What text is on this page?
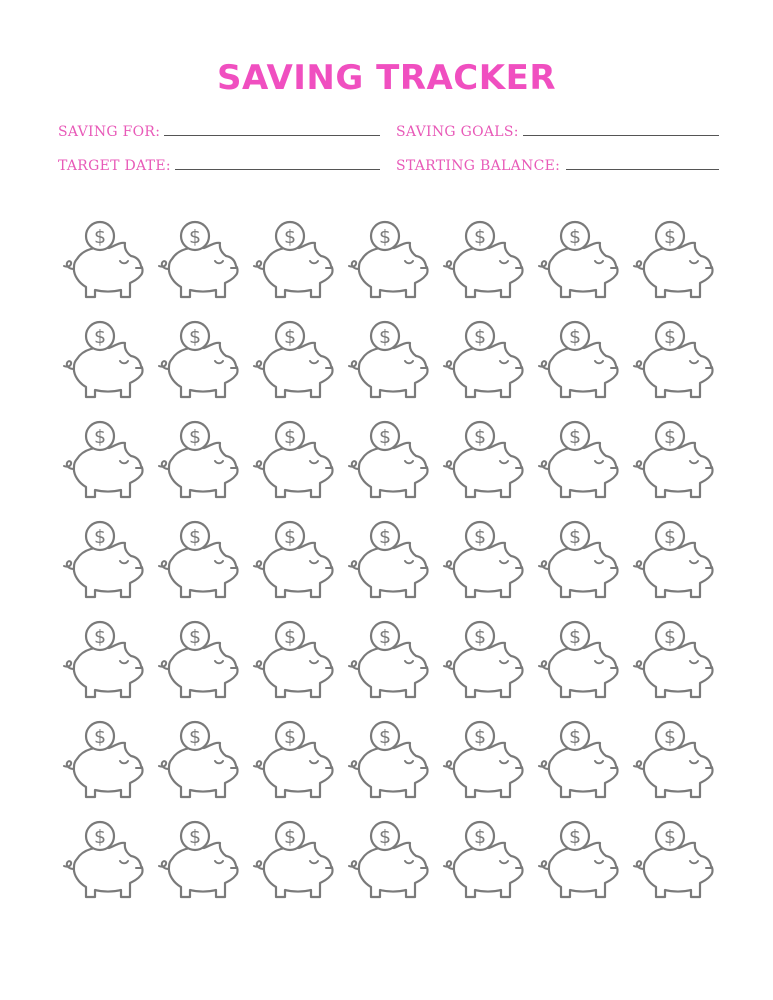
SAVING TRACKER
SAVING FOR:	SAVING GOALS:
TARGET DATE:	STARTING BALANCE:
$	$	$	$	$	$	$
$	$	$	$	$	$	$
$	$	$	$	$	$	$
$	$	$	$	$	$	$
$	$	$	$	$	$	$
$	$	$	$	$	$	$
$	$	$	$	$	$	$
